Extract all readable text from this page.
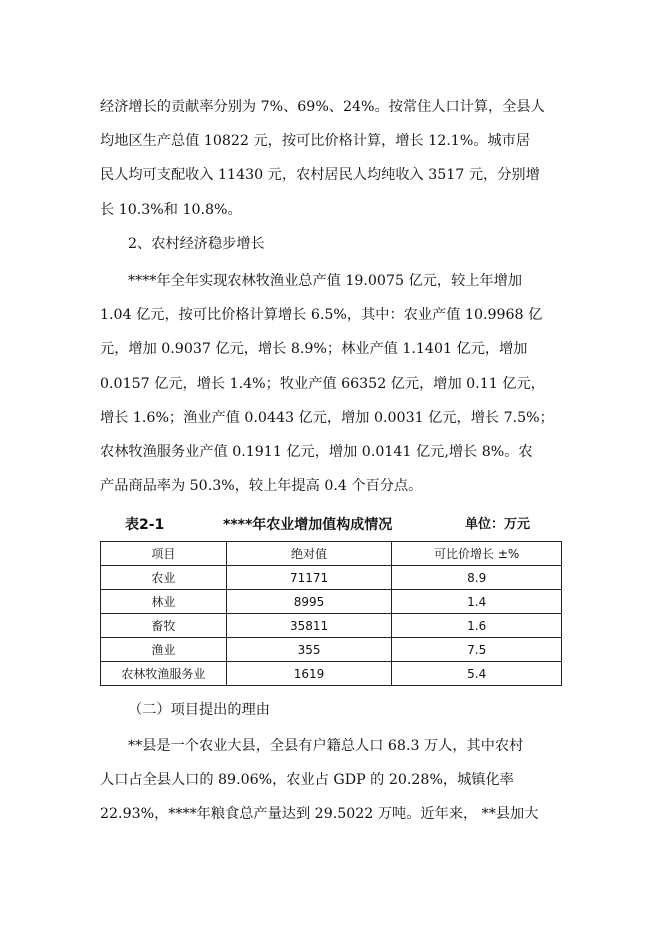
经济增长的贡献率分别为 7%、69%、24%。按常住人口计算，全县人
均地区生产总值 10822 元，按可比价格计算，增长 12.1%。城市居
民人均可支配收入 11430 元，农村居民人均纯收入 3517 元，分别增
长 10.3%和 10.8%。
2、农村经济稳步增长
****年全年实现农林牧渔业总产值 19.0075 亿元，较上年增加
1.04 亿元，按可比价格计算增长 6.5%，其中：农业产值 10.9968 亿
元，增加 0.9037 亿元，增长 8.9%；林业产值 1.1401 亿元，增加
0.0157 亿元，增长 1.4%；牧业产值 66352 亿元，增加 0.11 亿元，
增长 1.6%；渔业产值 0.0443 亿元，增加 0.0031 亿元，增长 7.5%；
农林牧渔服务业产值 0.1911 亿元，增加 0.0141 亿元,增长 8%。农
产品商品率为 50.3%，较上年提高 0.4 个百分点。
表2-1	****年农业增加值构成情况	单位：万元
项目	绝对值	可比价增长 ±%
农业	71171	8.9
林业	8995	1.4
畜牧	35811	1.6
渔业	355	7.5
农林牧渔服务业	1619	5.4
（二）项目提出的理由
**县是一个农业大县，全县有户籍总人口 68.3 万人，其中农村
人口占全县人口的 89.06%，农业占 GDP 的 20.28%，城镇化率
22.93%，****年粮食总产量达到 29.5022 万吨。近年来， **县加大
